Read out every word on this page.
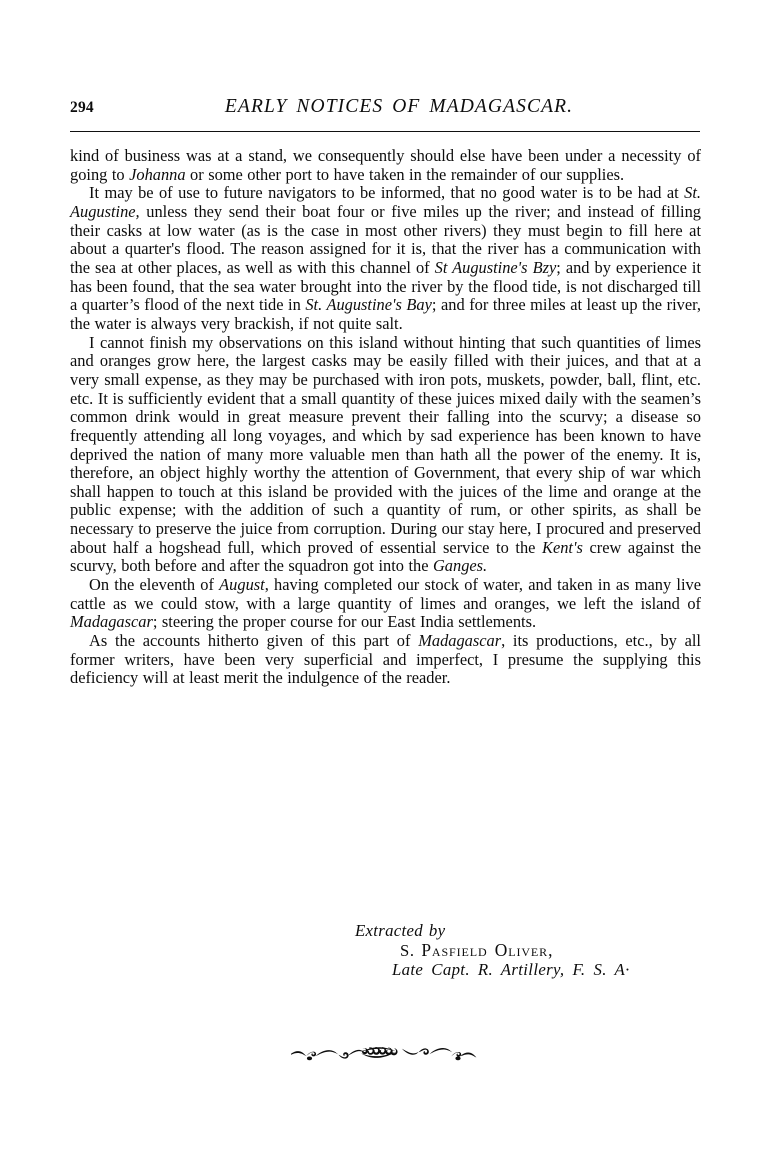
294	EARLY NOTICES OF MADAGASCAR.

kind of business was at a stand, we consequently should else have been under a necessity of going to Johanna or some other port to have taken in the remainder of our supplies.

It may be of use to future navigators to be informed, that no good water is to be had at St. Augustine, unless they send their boat four or five miles up the river; and instead of filling their casks at low water (as is the case in most other rivers) they must begin to fill here at about a quarter's flood. The reason assigned for it is, that the river has a communication with the sea at other places, as well as with this channel of St Augustine's Bzy; and by experience it has been found, that the sea water brought into the river by the flood tide, is not discharged till a quarter’s flood of the next tide in St. Augustine's Bay; and for three miles at least up the river, the water is always very brackish, if not quite salt.

I cannot finish my observations on this island without hinting that such quantities of limes and oranges grow here, the largest casks may be easily filled with their juices, and that at a very small expense, as they may be purchased with iron pots, muskets, powder, ball, flint, etc. etc. It is sufficiently evident that a small quantity of these juices mixed daily with the seamen’s common drink would in great measure prevent their falling into the scurvy; a disease so frequently attending all long voyages, and which by sad experience has been known to have deprived the nation of many more valuable men than hath all the power of the enemy. It is, therefore, an object highly worthy the attention of Government, that every ship of war which shall happen to touch at this island be provided with the juices of the lime and orange at the public expense; with the addition of such a quantity of rum, or other spirits, as shall be necessary to preserve the juice from corruption. During our stay here, I procured and preserved about half a hogshead full, which proved of essential service to the Kent's crew against the scurvy, both before and after the squadron got into the Ganges.

On the eleventh of August, having completed our stock of water, and taken in as many live cattle as we could stow, with a large quantity of limes and oranges, we left the island of Madagascar; steering the proper course for our East India settlements.

As the accounts hitherto given of this part of Madagascar, its productions, etc., by all former writers, have been very superficial and imperfect, I presume the supplying this deficiency will at least merit the indulgence of the reader.

Extracted by
S. Pasfield Oliver,
Late Capt. R. Artillery, F. S. A·
